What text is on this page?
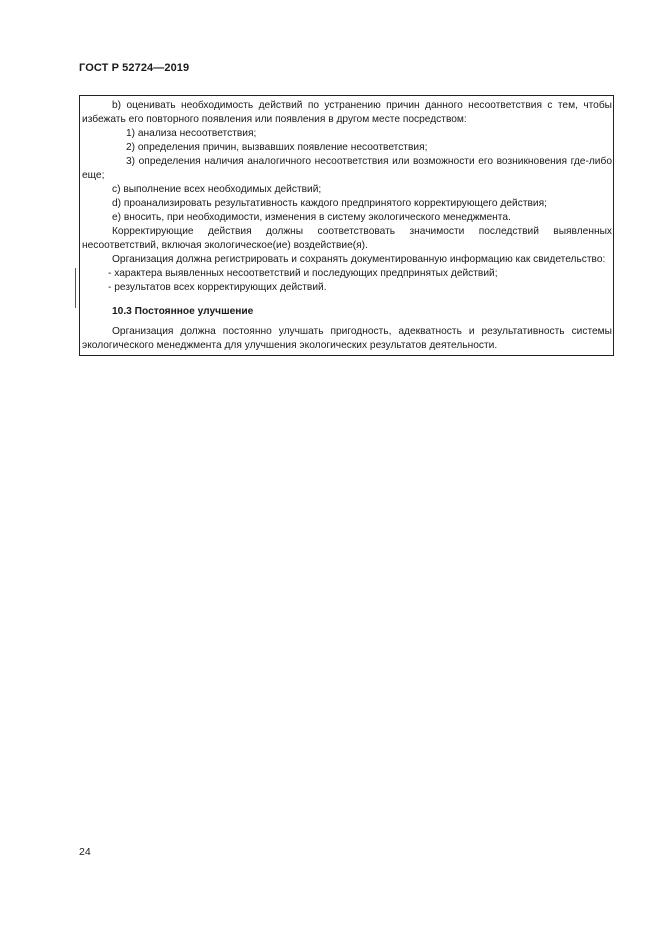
ГОСТ Р 52724—2019

b) оценивать необходимость действий по устранению причин данного несоответствия с тем, чтобы избежать его повторного появления или появления в другом месте посредством:

1) анализа несоответствия;

2) определения причин, вызвавших появление несоответствия;

3) определения наличия аналогичного несоответствия или возможности его возникновения где-либо еще;

c) выполнение всех необходимых действий;

d) проанализировать результативность каждого предпринятого корректирующего действия;

e) вносить, при необходимости, изменения в систему экологического менеджмента.

Корректирующие действия должны соответствовать значимости последствий выявленных несоответствий, включая экологическое(ие) воздействие(я).

Организация должна регистрировать и сохранять документированную информацию как свидетельство:

- характера выявленных несоответствий и последующих предпринятых действий;

- результатов всех корректирующих действий.

10.3 Постоянное улучшение

Организация должна постоянно улучшать пригодность, адекватность и результативность системы экологического менеджмента для улучшения экологических результатов деятельности.

24
